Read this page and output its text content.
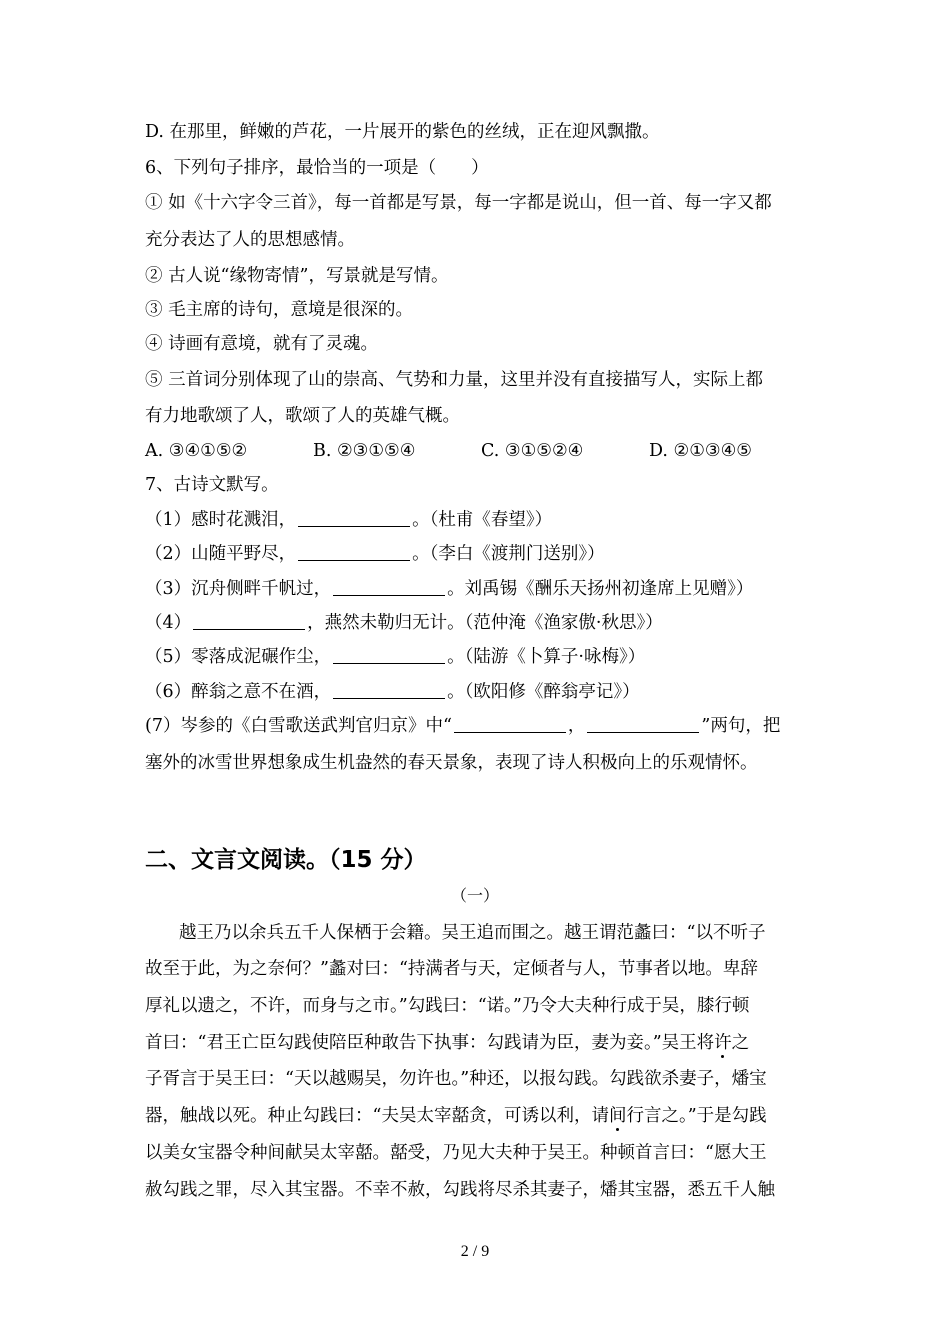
D. 在那里，鲜嫩的芦花，一片展开的紫色的丝绒，正在迎风飘撒。
6、下列句子排序，最恰当的一项是（　　）
① 如《十六字令三首》，每一首都是写景，每一字都是说山，但一首、每一字又都
充分表达了人的思想感情。
② 古人说“缘物寄情”，写景就是写情。
③ 毛主席的诗句，意境是很深的。
④ 诗画有意境，就有了灵魂。
⑤ 三首词分别体现了山的崇高、气势和力量，这里并没有直接描写人，实际上都
有力地歌颂了人，歌颂了人的英雄气概。
A. ③④①⑤②	B. ②③①⑤④	C. ③①⑤②④	D. ②①③④⑤
7、古诗文默写。
（1）感时花溅泪，	。（杜甫《春望》）
（2）山随平野尽，	。（李白《渡荆门送别》）
（3）沉舟侧畔千帆过，	。刘禹锡《酬乐天扬州初逢席上见赠》）
（4）	，燕然未勒归无计。（范仲淹《渔家傲·秋思》）
（5）零落成泥碾作尘，	。（陆游《卜算子·咏梅》）
（6）醉翁之意不在酒，	。（欧阳修《醉翁亭记》）
(7）岑参的《白雪歌送武判官归京》中“	，	”两句，把
塞外的冰雪世界想象成生机盎然的春天景象，表现了诗人积极向上的乐观情怀。
二、文言文阅读。（15 分）
（一）
越王乃以余兵五千人保栖于会籍。吴王追而围之。越王谓范蠡曰：“以不听子
故至于此，为之奈何？”蠡对曰：“持满者与天，定倾者与人，节事者以地。卑辞
厚礼以遗之，不许，而身与之市。”勾践曰：“诺。”乃令大夫种行成于吴，膝行顿
首曰：“君王亡臣勾践使陪臣种敢告下执事：勾践请为臣，妻为妾。”吴王将许之
子胥言于吴王曰：“天以越赐吴，勿许也。”种还，以报勾践。勾践欲杀妻子，燔宝
器，触战以死。种止勾践曰：“夫吴太宰嚭贪，可诱以利，请间行言之。”于是勾践
以美女宝器令种间献吴太宰嚭。嚭受，乃见大夫种于吴王。种顿首言曰：“愿大王
赦勾践之罪，尽入其宝器。不幸不赦，勾践将尽杀其妻子，燔其宝器，悉五千人触
2 / 9
